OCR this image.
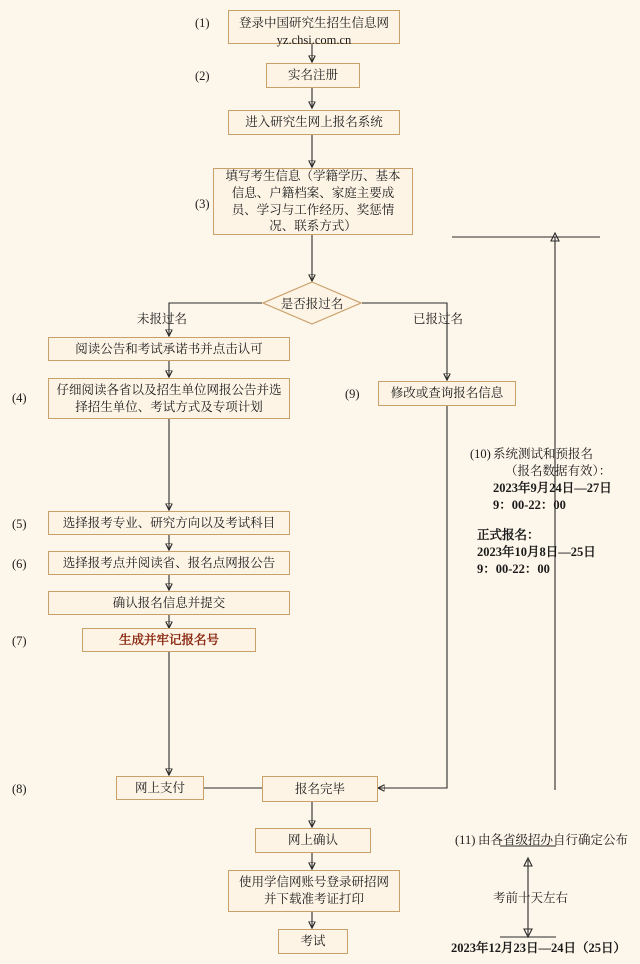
登录中国研究生招生信息网
yz.chsi.com.cn
(1)
实名注册
(2)
进入研究生网上报名系统
填写考生信息（学籍学历、基本信息、户籍档案、家庭主要成员、学习与工作经历、奖惩情况、联系方式）
(3)
是否报过名
未报过名	已报过名
阅读公告和考试承诺书并点击认可
仔细阅读各省以及招生单位网报公告并选择招生单位、考试方式及专项计划
(4)
选择报考专业、研究方向以及考试科目
(5)
选择报考点并阅读省、报名点网报公告
(6)
确认报名信息并提交
生成并牢记报名号
(7)
网上支付
(8)	报名完毕
修改或查询报名信息
(9)
网上确认
使用学信网账号登录研招网并下载准考证打印
考试
(10) 系统测试和预报名
（报名数据有效）：
2023年9月24日—27日
9：00-22：00
正式报名：
2023年10月8日—25日
9：00-22：00
(11) 由各省级招办自行确定公布
考前十天左右
2023年12月23日—24日（25日）
